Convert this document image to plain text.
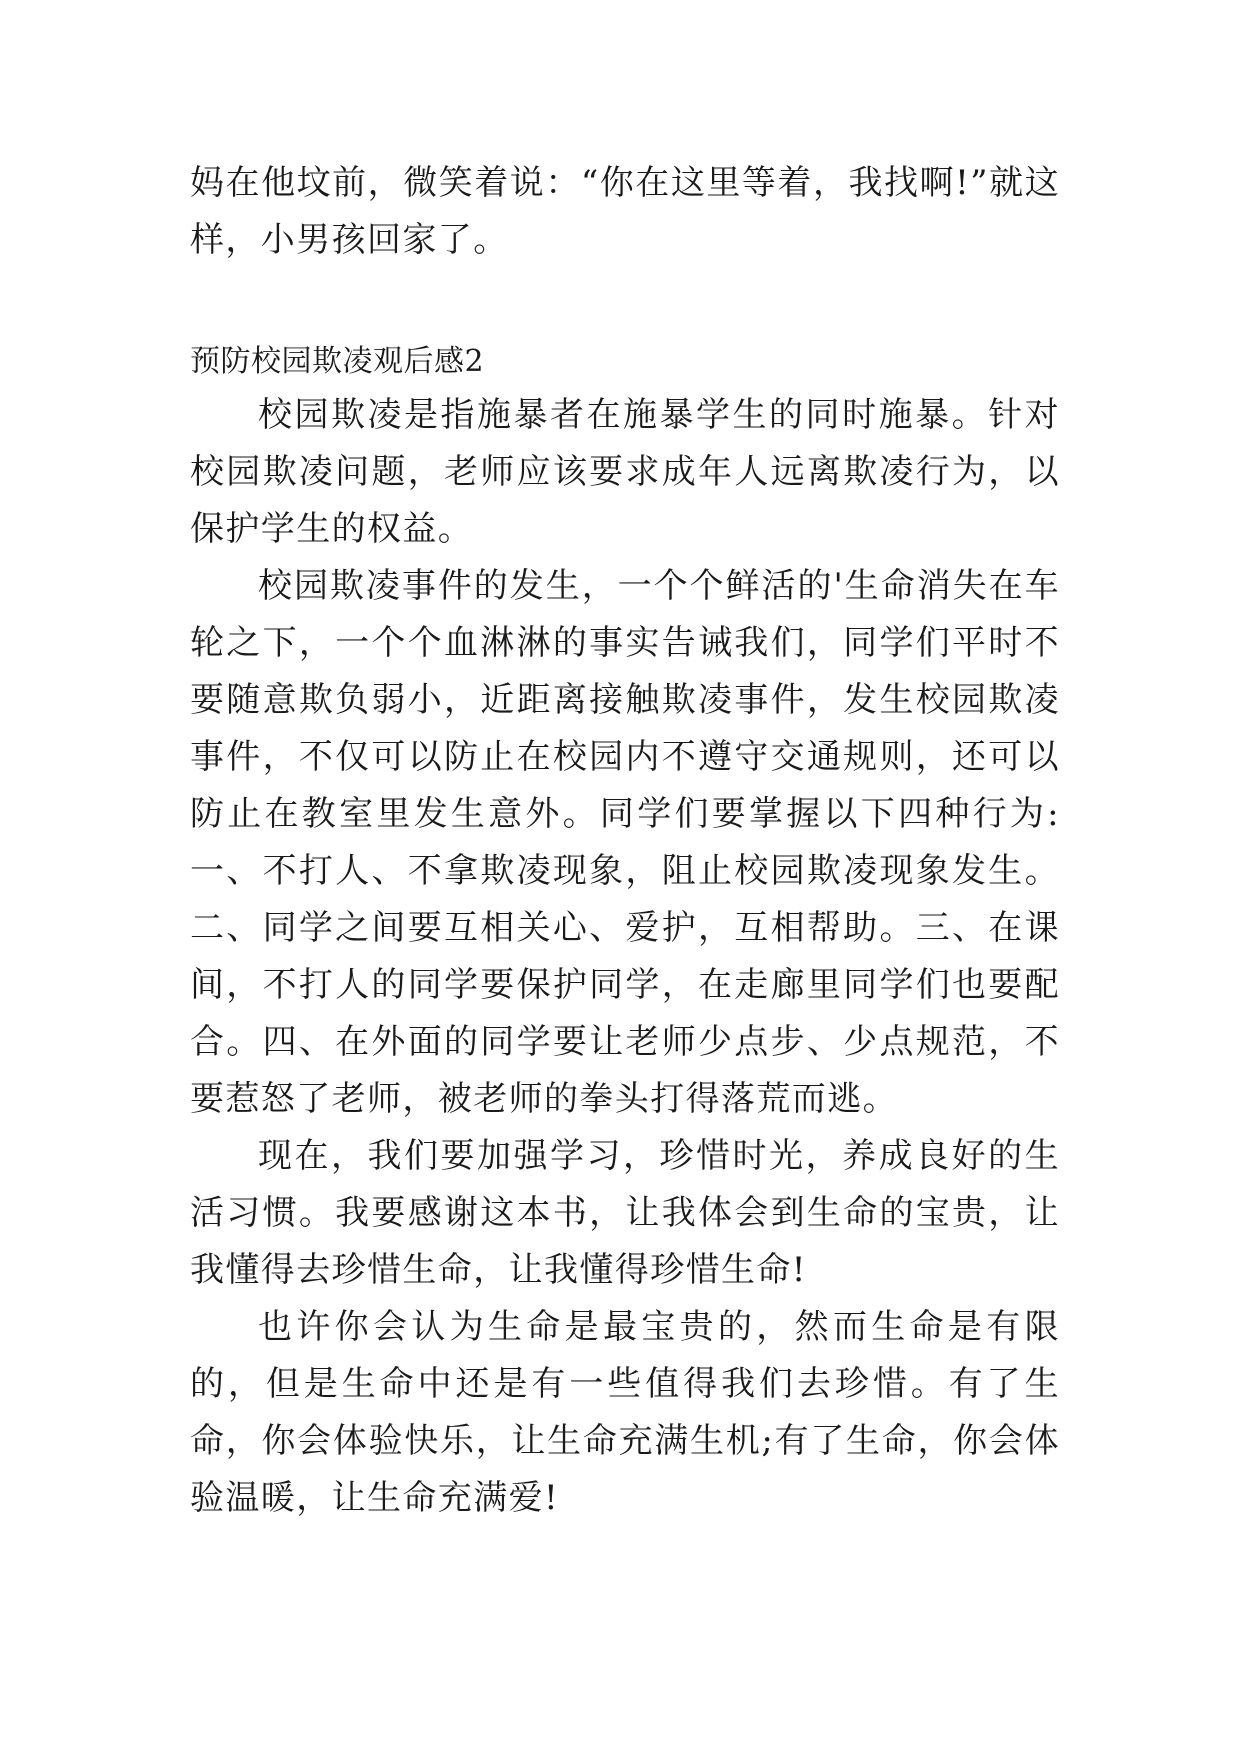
妈在他坟前，微笑着说：“你在这里等着，我找啊!”就这样，小男孩回家了。

预防校园欺凌观后感2

校园欺凌是指施暴者在施暴学生的同时施暴。针对校园欺凌问题，老师应该要求成年人远离欺凌行为，以保护学生的权益。

校园欺凌事件的发生，一个个鲜活的'生命消失在车轮之下，一个个血淋淋的事实告诫我们，同学们平时不要随意欺负弱小，近距离接触欺凌事件，发生校园欺凌事件，不仅可以防止在校园内不遵守交通规则，还可以防止在教室里发生意外。同学们要掌握以下四种行为:一、不打人、不拿欺凌现象，阻止校园欺凌现象发生。二、同学之间要互相关心、爱护，互相帮助。三、在课间，不打人的同学要保护同学，在走廊里同学们也要配合。四、在外面的同学要让老师少点步、少点规范，不要惹怒了老师，被老师的拳头打得落荒而逃。

现在，我们要加强学习，珍惜时光，养成良好的生活习惯。我要感谢这本书，让我体会到生命的宝贵，让我懂得去珍惜生命，让我懂得珍惜生命!

也许你会认为生命是最宝贵的，然而生命是有限的，但是生命中还是有一些值得我们去珍惜。有了生命，你会体验快乐，让生命充满生机;有了生命，你会体验温暖，让生命充满爱!
